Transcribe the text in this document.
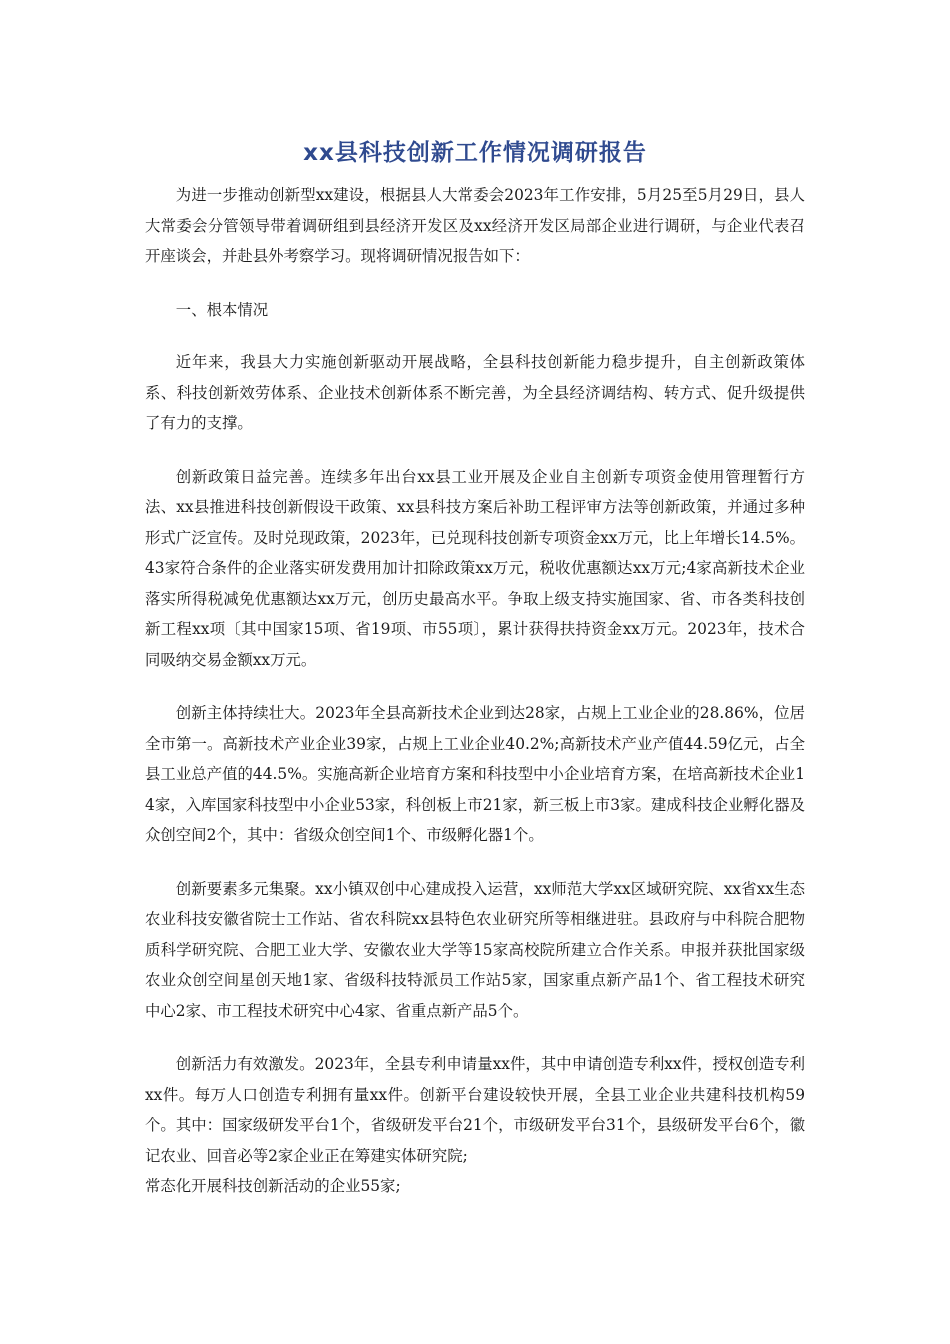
xx县科技创新工作情况调研报告

为进一步推动创新型xx建设，根据县人大常委会2023年工作安排，5月25至5月29日，县人大常委会分管领导带着调研组到县经济开发区及xx经济开发区局部企业进行调研，与企业代表召开座谈会，并赴县外考察学习。现将调研情况报告如下：

一、根本情况

近年来，我县大力实施创新驱动开展战略，全县科技创新能力稳步提升，自主创新政策体系、科技创新效劳体系、企业技术创新体系不断完善，为全县经济调结构、转方式、促升级提供了有力的支撑。

创新政策日益完善。连续多年出台xx县工业开展及企业自主创新专项资金使用管理暂行方法、xx县推进科技创新假设干政策、xx县科技方案后补助工程评审方法等创新政策，并通过多种形式广泛宣传。及时兑现政策，2023年，已兑现科技创新专项资金xx万元，比上年增长14.5%。43家符合条件的企业落实研发费用加计扣除政策xx万元，税收优惠额达xx万元;4家高新技术企业落实所得税减免优惠额达xx万元，创历史最高水平。争取上级支持实施国家、省、市各类科技创新工程xx项〔其中国家15项、省19项、市55项〕，累计获得扶持资金xx万元。2023年，技术合同吸纳交易金额xx万元。

创新主体持续壮大。2023年全县高新技术企业到达28家，占规上工业企业的28.86%，位居全市第一。高新技术产业企业39家，占规上工业企业40.2%;高新技术产业产值44.59亿元，占全县工业总产值的44.5%。实施高新企业培育方案和科技型中小企业培育方案，在培高新技术企业14家，入库国家科技型中小企业53家，科创板上市21家，新三板上市3家。建成科技企业孵化器及众创空间2个，其中：省级众创空间1个、市级孵化器1个。

创新要素多元集聚。xx小镇双创中心建成投入运营，xx师范大学xx区域研究院、xx省xx生态农业科技安徽省院士工作站、省农科院xx县特色农业研究所等相继进驻。县政府与中科院合肥物质科学研究院、合肥工业大学、安徽农业大学等15家高校院所建立合作关系。申报并获批国家级农业众创空间星创天地1家、省级科技特派员工作站5家，国家重点新产品1个、省工程技术研究中心2家、市工程技术研究中心4家、省重点新产品5个。

创新活力有效激发。2023年，全县专利申请量xx件，其中申请创造专利xx件，授权创造专利xx件。每万人口创造专利拥有量xx件。创新平台建设较快开展，全县工业企业共建科技机构59个。其中：国家级研发平台1个，省级研发平台21个，市级研发平台31个，县级研发平台6个，徽记农业、回音必等2家企业正在筹建实体研究院;

常态化开展科技创新活动的企业55家;
